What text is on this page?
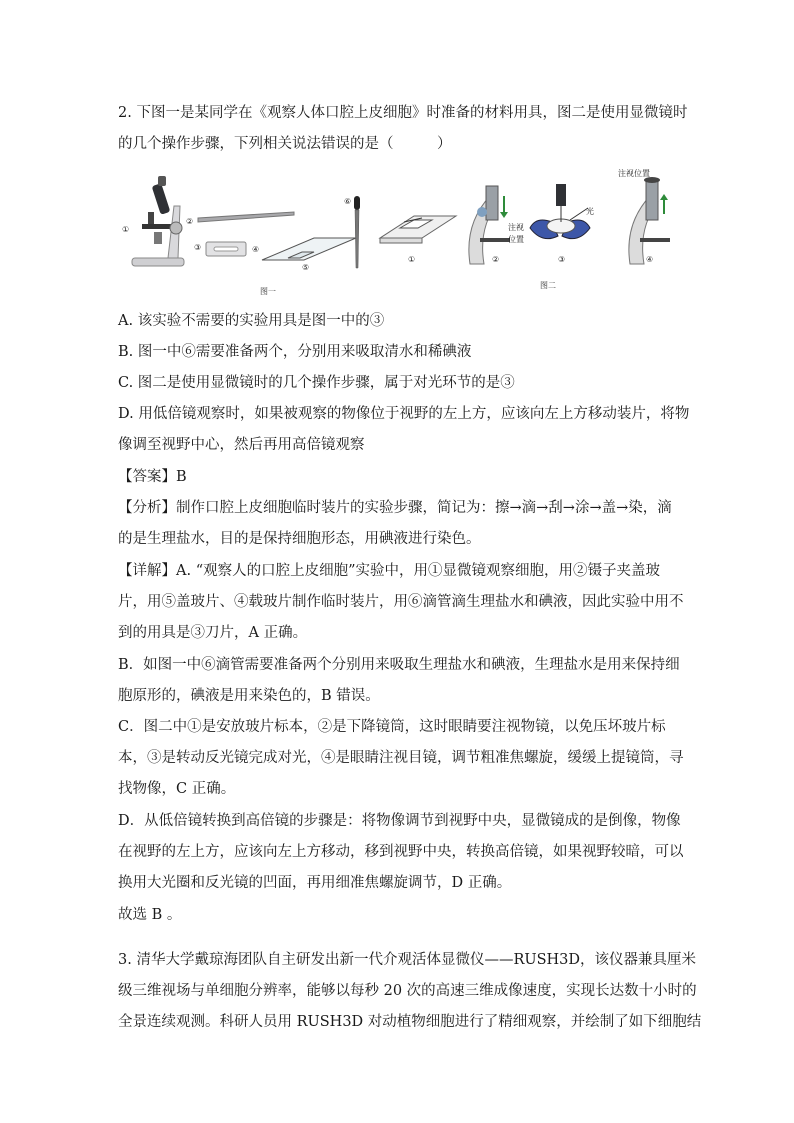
2. 下图一是某同学在《观察人体口腔上皮细胞》时准备的材料用具，图二是使用显微镜时
的几个操作步骤，下列相关说法错误的是（　　　）
①
②
③	④
⑤
⑥
图一
①
注视
位置
②
光
③
图二
注视位置
④
A. 该实验不需要的实验用具是图一中的③
B. 图一中⑥需要准备两个，分别用来吸取清水和稀碘液
C. 图二是使用显微镜时的几个操作步骤，属于对光环节的是③
D. 用低倍镜观察时，如果被观察的物像位于视野的左上方，应该向左上方移动装片，将物
像调至视野中心，然后再用高倍镜观察
【答案】B
【分析】制作口腔上皮细胞临时装片的实验步骤，简记为：擦→滴→刮→涂→盖→染，滴
的是生理盐水，目的是保持细胞形态，用碘液进行染色。
【详解】A. “观察人的口腔上皮细胞”实验中，用①显微镜观察细胞，用②镊子夹盖玻
片，用⑤盖玻片、④载玻片制作临时装片，用⑥滴管滴生理盐水和碘液，因此实验中用不
到的用具是③刀片，A 正确。
B．如图一中⑥滴管需要准备两个分别用来吸取生理盐水和碘液，生理盐水是用来保持细
胞原形的，碘液是用来染色的，B 错误。
C．图二中①是安放玻片标本，②是下降镜筒，这时眼睛要注视物镜，以免压坏玻片标
本，③是转动反光镜完成对光，④是眼睛注视目镜，调节粗准焦螺旋，缓缓上提镜筒，寻
找物像，C 正确。
D．从低倍镜转换到高倍镜的步骤是：将物像调节到视野中央，显微镜成的是倒像，物像
在视野的左上方，应该向左上方移动，移到视野中央，转换高倍镜，如果视野较暗，可以
换用大光圈和反光镜的凹面，再用细准焦螺旋调节，D 正确。
故选 B 。
3. 清华大学戴琼海团队自主研发出新一代介观活体显微仪——RUSH3D，该仪器兼具厘米
级三维视场与单细胞分辨率，能够以每秒 20 次的高速三维成像速度，实现长达数十小时的
全景连续观测。科研人员用 RUSH3D 对动植物细胞进行了精细观察，并绘制了如下细胞结
